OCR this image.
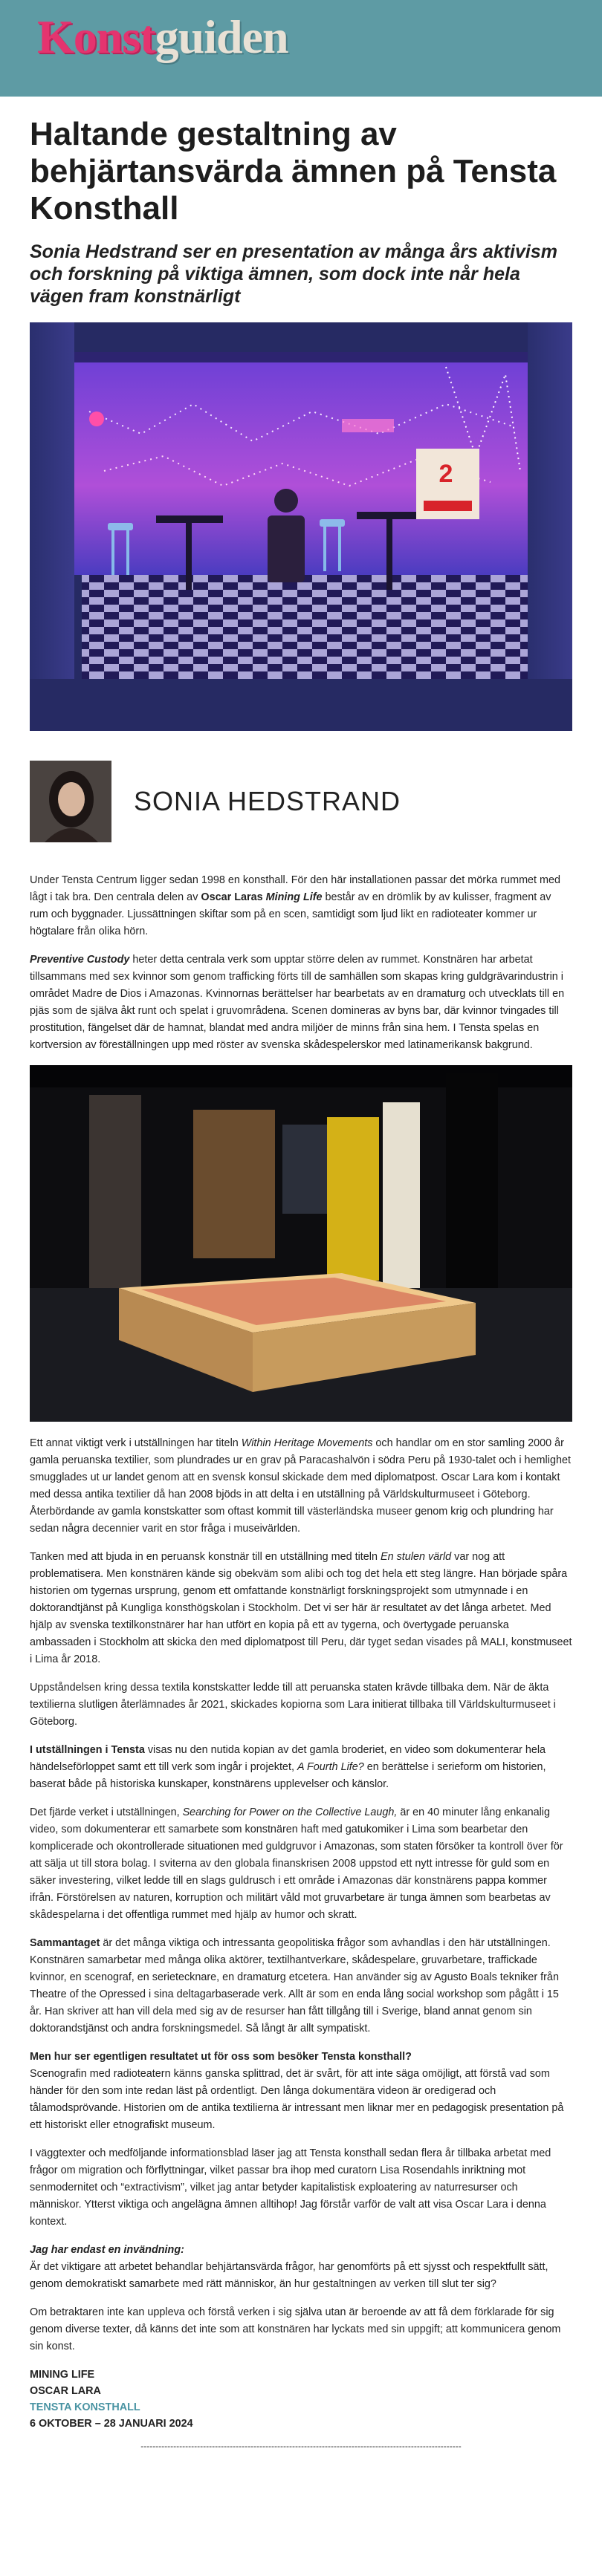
Konst guiden
Haltande gestaltning av behjärtansvärda ämnen på Tensta Konsthall
Sonia Hedstrand ser en presentation av många års aktivism och forskning på viktiga ämnen, som dock inte når hela vägen fram konstnärligt
2
SONIA HEDSTRAND

Under Tensta Centrum ligger sedan 1998 en konsthall. För den här installationen passar det mörka rummet med lågt i tak bra. Den centrala delen av Oscar Laras Mining Life består av en drömlik by av kulisser, fragment av rum och byggnader. Ljussättningen skiftar som på en scen, samtidigt som ljud likt en radioteater kommer ur högtalare från olika hörn.

Preventive Custody heter detta centrala verk som upptar större delen av rummet. Konstnären har arbetat tillsammans med sex kvinnor som genom trafficking förts till de samhällen som skapas kring guldgrävarindustrin i området Madre de Dios i Amazonas. Kvinnornas berättelser har bearbetats av en dramaturg och utvecklats till en pjäs som de själva åkt runt och spelat i gruvområdena. Scenen domineras av byns bar, där kvinnor tvingades till prostitution, fängelset där de hamnat, blandat med andra miljöer de minns från sina hem. I Tensta spelas en kortversion av föreställningen upp med röster av svenska skådespelerskor med latinamerikansk bakgrund.

Ett annat viktigt verk i utställningen har titeln Within Heritage Movements och handlar om en stor samling 2000 år gamla peruanska textilier, som plundrades ur en grav på Paracashalvön i södra Peru på 1930-talet och i hemlighet smugglades ut ur landet genom att en svensk konsul skickade dem med diplomatpost. Oscar Lara kom i kontakt med dessa antika textilier då han 2008 bjöds in att delta i en utställning på Världskulturmuseet i Göteborg. Återbördande av gamla konstskatter som oftast kommit till västerländska museer genom krig och plundring har sedan några decennier varit en stor fråga i museivärlden.

Tanken med att bjuda in en peruansk konstnär till en utställning med titeln En stulen värld var nog att problematisera. Men konstnären kände sig obekväm som alibi och tog det hela ett steg längre. Han började spåra historien om tygernas ursprung, genom ett omfattande konstnärligt forskningsprojekt som utmynnade i en doktorandtjänst på Kungliga konsthögskolan i Stockholm. Det vi ser här är resultatet av det långa arbetet. Med hjälp av svenska textilkonstnärer har han utfört en kopia på ett av tygerna, och övertygade peruanska ambassaden i Stockholm att skicka den med diplomatpost till Peru, där tyget sedan visades på MALI, konstmuseet i Lima år 2018.

Uppståndelsen kring dessa textila konstskatter ledde till att peruanska staten krävde tillbaka dem. När de äkta textilierna slutligen återlämnades år 2021, skickades kopiorna som Lara initierat tillbaka till Världskulturmuseet i Göteborg.

I utställningen i Tensta visas nu den nutida kopian av det gamla broderiet, en video som dokumenterar hela händelseförloppet samt ett till verk som ingår i projektet, A Fourth Life? en berättelse i serieform om historien, baserat både på historiska kunskaper, konstnärens upplevelser och känslor.

Det fjärde verket i utställningen, Searching for Power on the Collective Laugh, är en 40 minuter lång enkanalig video, som dokumenterar ett samarbete som konstnären haft med gatukomiker i Lima som bearbetar den komplicerade och okontrollerade situationen med guldgruvor i Amazonas, som staten försöker ta kontroll över för att sälja ut till stora bolag. I sviterna av den globala finanskrisen 2008 uppstod ett nytt intresse för guld som en säker investering, vilket ledde till en slags guldrusch i ett område i Amazonas där konstnärens pappa kommer ifrån. Förstörelsen av naturen, korruption och militärt våld mot gruvarbetare är tunga ämnen som bearbetas av skådespelarna i det offentliga rummet med hjälp av humor och skratt.

Sammantaget är det många viktiga och intressanta geopolitiska frågor som avhandlas i den här utställningen. Konstnären samarbetar med många olika aktörer, textilhantverkare, skådespelare, gruvarbetare, traffickade kvinnor, en scenograf, en serietecknare, en dramaturg etcetera. Han använder sig av Agusto Boals tekniker från Theatre of the Opressed i sina deltagarbaserade verk. Allt är som en enda lång social workshop som pågått i 15 år. Han skriver att han vill dela med sig av de resurser han fått tillgång till i Sverige, bland annat genom sin doktorandstjänst och andra forskningsmedel. Så långt är allt sympatiskt.

Men hur ser egentligen resultatet ut för oss som besöker Tensta konsthall?
Scenografin med radioteatern känns ganska splittrad, det är svårt, för att inte säga omöjligt, att förstå vad som händer för den som inte redan läst på ordentligt. Den långa dokumentära videon är oredigerad och tålamodsprövande. Historien om de antika textilierna är intressant men liknar mer en pedagogisk presentation på ett historiskt eller etnografiskt museum.

I väggtexter och medföljande informationsblad läser jag att Tensta konsthall sedan flera år tillbaka arbetat med frågor om migration och förflyttningar, vilket passar bra ihop med curatorn Lisa Rosendahls inriktning mot senmodernitet och “extractivism”, vilket jag antar betyder kapitalistisk exploatering av naturresurser och människor. Ytterst viktiga och angelägna ämnen alltihop! Jag förstår varför de valt att visa Oscar Lara i denna kontext.

Jag har endast en invändning:
Är det viktigare att arbetet behandlar behjärtansvärda frågor, har genomförts på ett sjysst och respektfullt sätt, genom demokratiskt samarbete med rätt människor, än hur gestaltningen av verken till slut ter sig?

Om betraktaren inte kan uppleva och förstå verken i sig själva utan är beroende av att få dem förklarade för sig genom diverse texter, då känns det inte som att konstnären har lyckats med sin uppgift; att kommunicera genom sin konst.

MINING LIFE

OSCAR LARA

TENSTA KONSTHALL

6 OKTOBER – 28 JANUARI 2024

------------------------------------------------------------------------------------------------------------
